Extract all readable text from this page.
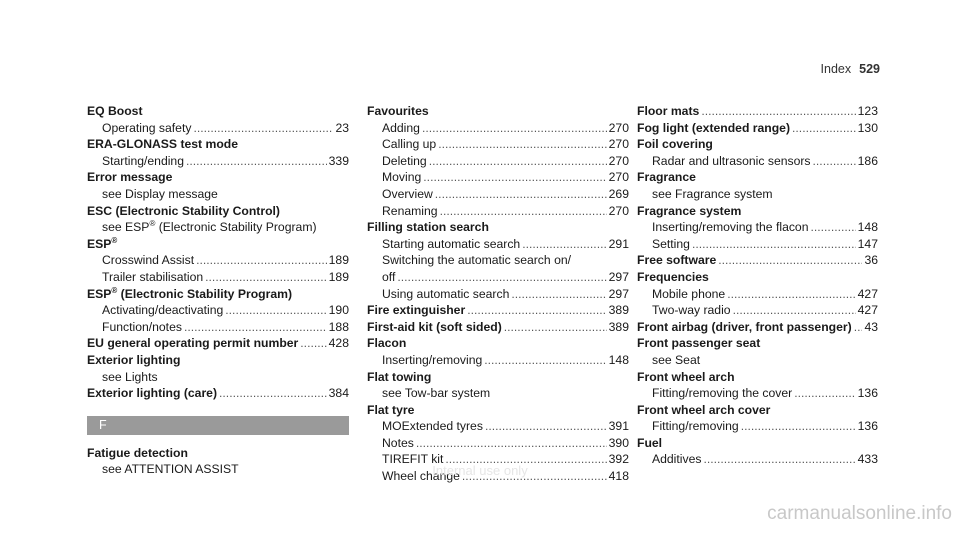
Index 529
EQ Boost
Operating safety .....	23
ERA-GLONASS test mode
Starting/ending .....	339
Error message
see Display message
ESC (Electronic Stability Control)
see ESP® (Electronic Stability Program)
ESP®
Crosswind Assist .....	189
Trailer stabilisation .....	189
ESP® (Electronic Stability Program)
Activating/deactivating .....	190
Function/notes .....	188
EU general operating permit number ..... 428
Exterior lighting
see Lights
Exterior lighting (care) .....	384
F
Fatigue detection
see ATTENTION ASSIST
Favourites
Adding .....	270
Calling up .....	270
Deleting .....	270
Moving .....	270
Overview .....	269
Renaming .....	270
Filling station search
Starting automatic search .....	291
Switching the automatic search on/
off .....	297
Using automatic search .....	297
Fire extinguisher .....	389
First-aid kit (soft sided) .....	389
Flacon
Inserting/removing .....	148
Flat towing
see Tow-bar system
Flat tyre
MOExtended tyres .....	391
Notes .....	390
TIREFIT kit .....	392
Wheel change .....	418
Floor mats .....	123
Fog light (extended range) .....	130
Foil covering
Radar and ultrasonic sensors .....	186
Fragrance
see Fragrance system
Fragrance system
Inserting/removing the flacon .....	148
Setting .....	147
Free software .....	36
Frequencies
Mobile phone .....	427
Two-way radio .....	427
Front airbag (driver, front passenger) ..... 43
Front passenger seat
see Seat
Front wheel arch
Fitting/removing the cover .....	136
Front wheel arch cover
Fitting/removing .....	136
Fuel
Additives .....	433
Internal use only
carmanualsonline.info
